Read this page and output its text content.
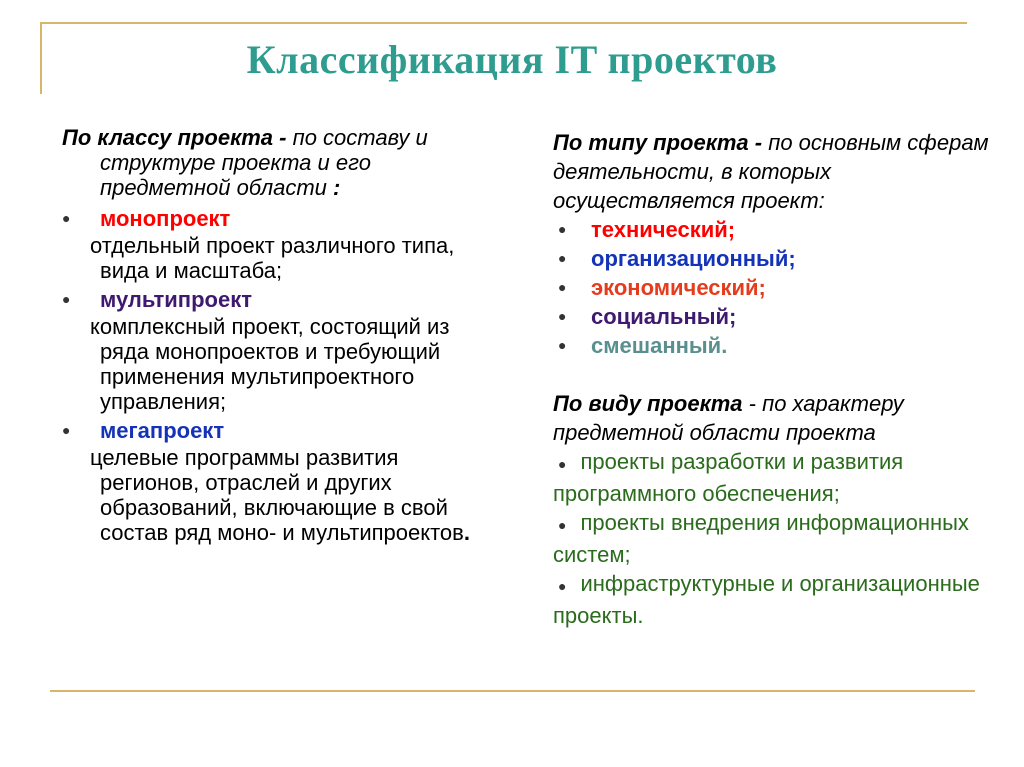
Классификация IT проектов
По классу проекта - по составу и структуре проекта и его предметной области :
● монопроект
отдельный проект различного типа, вида и масштаба;
● мультипроект
комплексный проект, состоящий из ряда монопроектов и требующий применения мультипроектного управления;
● мегапроект
целевые программы развития регионов, отраслей и других образований, включающие в свой состав ряд моно- и мультипроектов.
По типу проекта - по основным сферам деятельности, в которых осуществляется проект:
● технический;
● организационный;
● экономический;
● социальный;
● смешанный.
По виду проекта - по характеру предметной области проекта
● проекты разработки и развития программного обеспечения;
● проекты внедрения информационных систем;
● инфраструктурные и организационные проекты.
